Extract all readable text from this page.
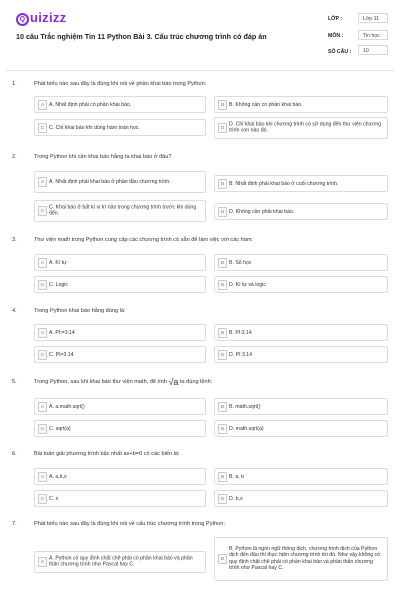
Q uizizz
10 câu Trắc nghiệm Tin 11 Python Bài 3. Cấu trúc chương trình có đáp án
LỚP :	Lớp 11
MÔN :	Tin học
SỐ CÂU :	10
1.	Phát biểu nào sau đây là đúng khi nói về phần khai báo trong Python:
A A. Nhất định phải có phần khai báo.	B B. Không cần có phần khai báo.
C C. Chỉ khai báo khi dùng hàm toán học.	D D. Chỉ khai báo khi chương trình có sử dụng đến thư viện chương trình con nào đó.
2.	Trong Python khi cần khai báo hằng ta khai báo ở đâu?
A A. Nhất định phải khai báo ở phần đầu chương trình.	B B. Nhất định phải khai báo ở cuối chương trình.
C C. Khai báo ở bất kì vị trí nào trong chương trình trước khi dùng đến.	D D. Không cần phải khai báo.
3.	Thư viện math trong Python cung cấp các chương trình có sẵn để làm việc với các hàm:
A A. Kí tự	B B. Số học
C C. Logic	D D. Kí tự và logic
4.	Trong Python khai báo hằng đúng là:
A A. PI:=3.14	B B. PI:3.14
C C. PI=3.14	D D. PI 3.14
5.	Trong Python, sau khi khai báo thư viện math, để tính √a ta dùng lệnh:
A A. a.math.sqrt()	B B. math.sqrt()
C C. sqrt(a)	D D. math.sqrt(a)
6.	Bài toán giải phương trình bậc nhất ax+b=0 có các biến là:
A A. a,b,x	B B. a, b
C C. x	D D. b,x
7.	Phát biểu nào sau đây là đúng khi nói về cấu trúc chương trình trong Python:
A A. Python có quy định chặt chẽ phải có phần khai báo và phần thân chương trình như Pascal hay C.
B
B. Python là ngôn ngữ thông dịch, chương trình dịch của Python dịch đến đâu thì thực hiện chương trình tới đó. Như vậy không có quy định chặt chẽ phải có phần khai báo và phần thân chương trình như Pascal hay C.
